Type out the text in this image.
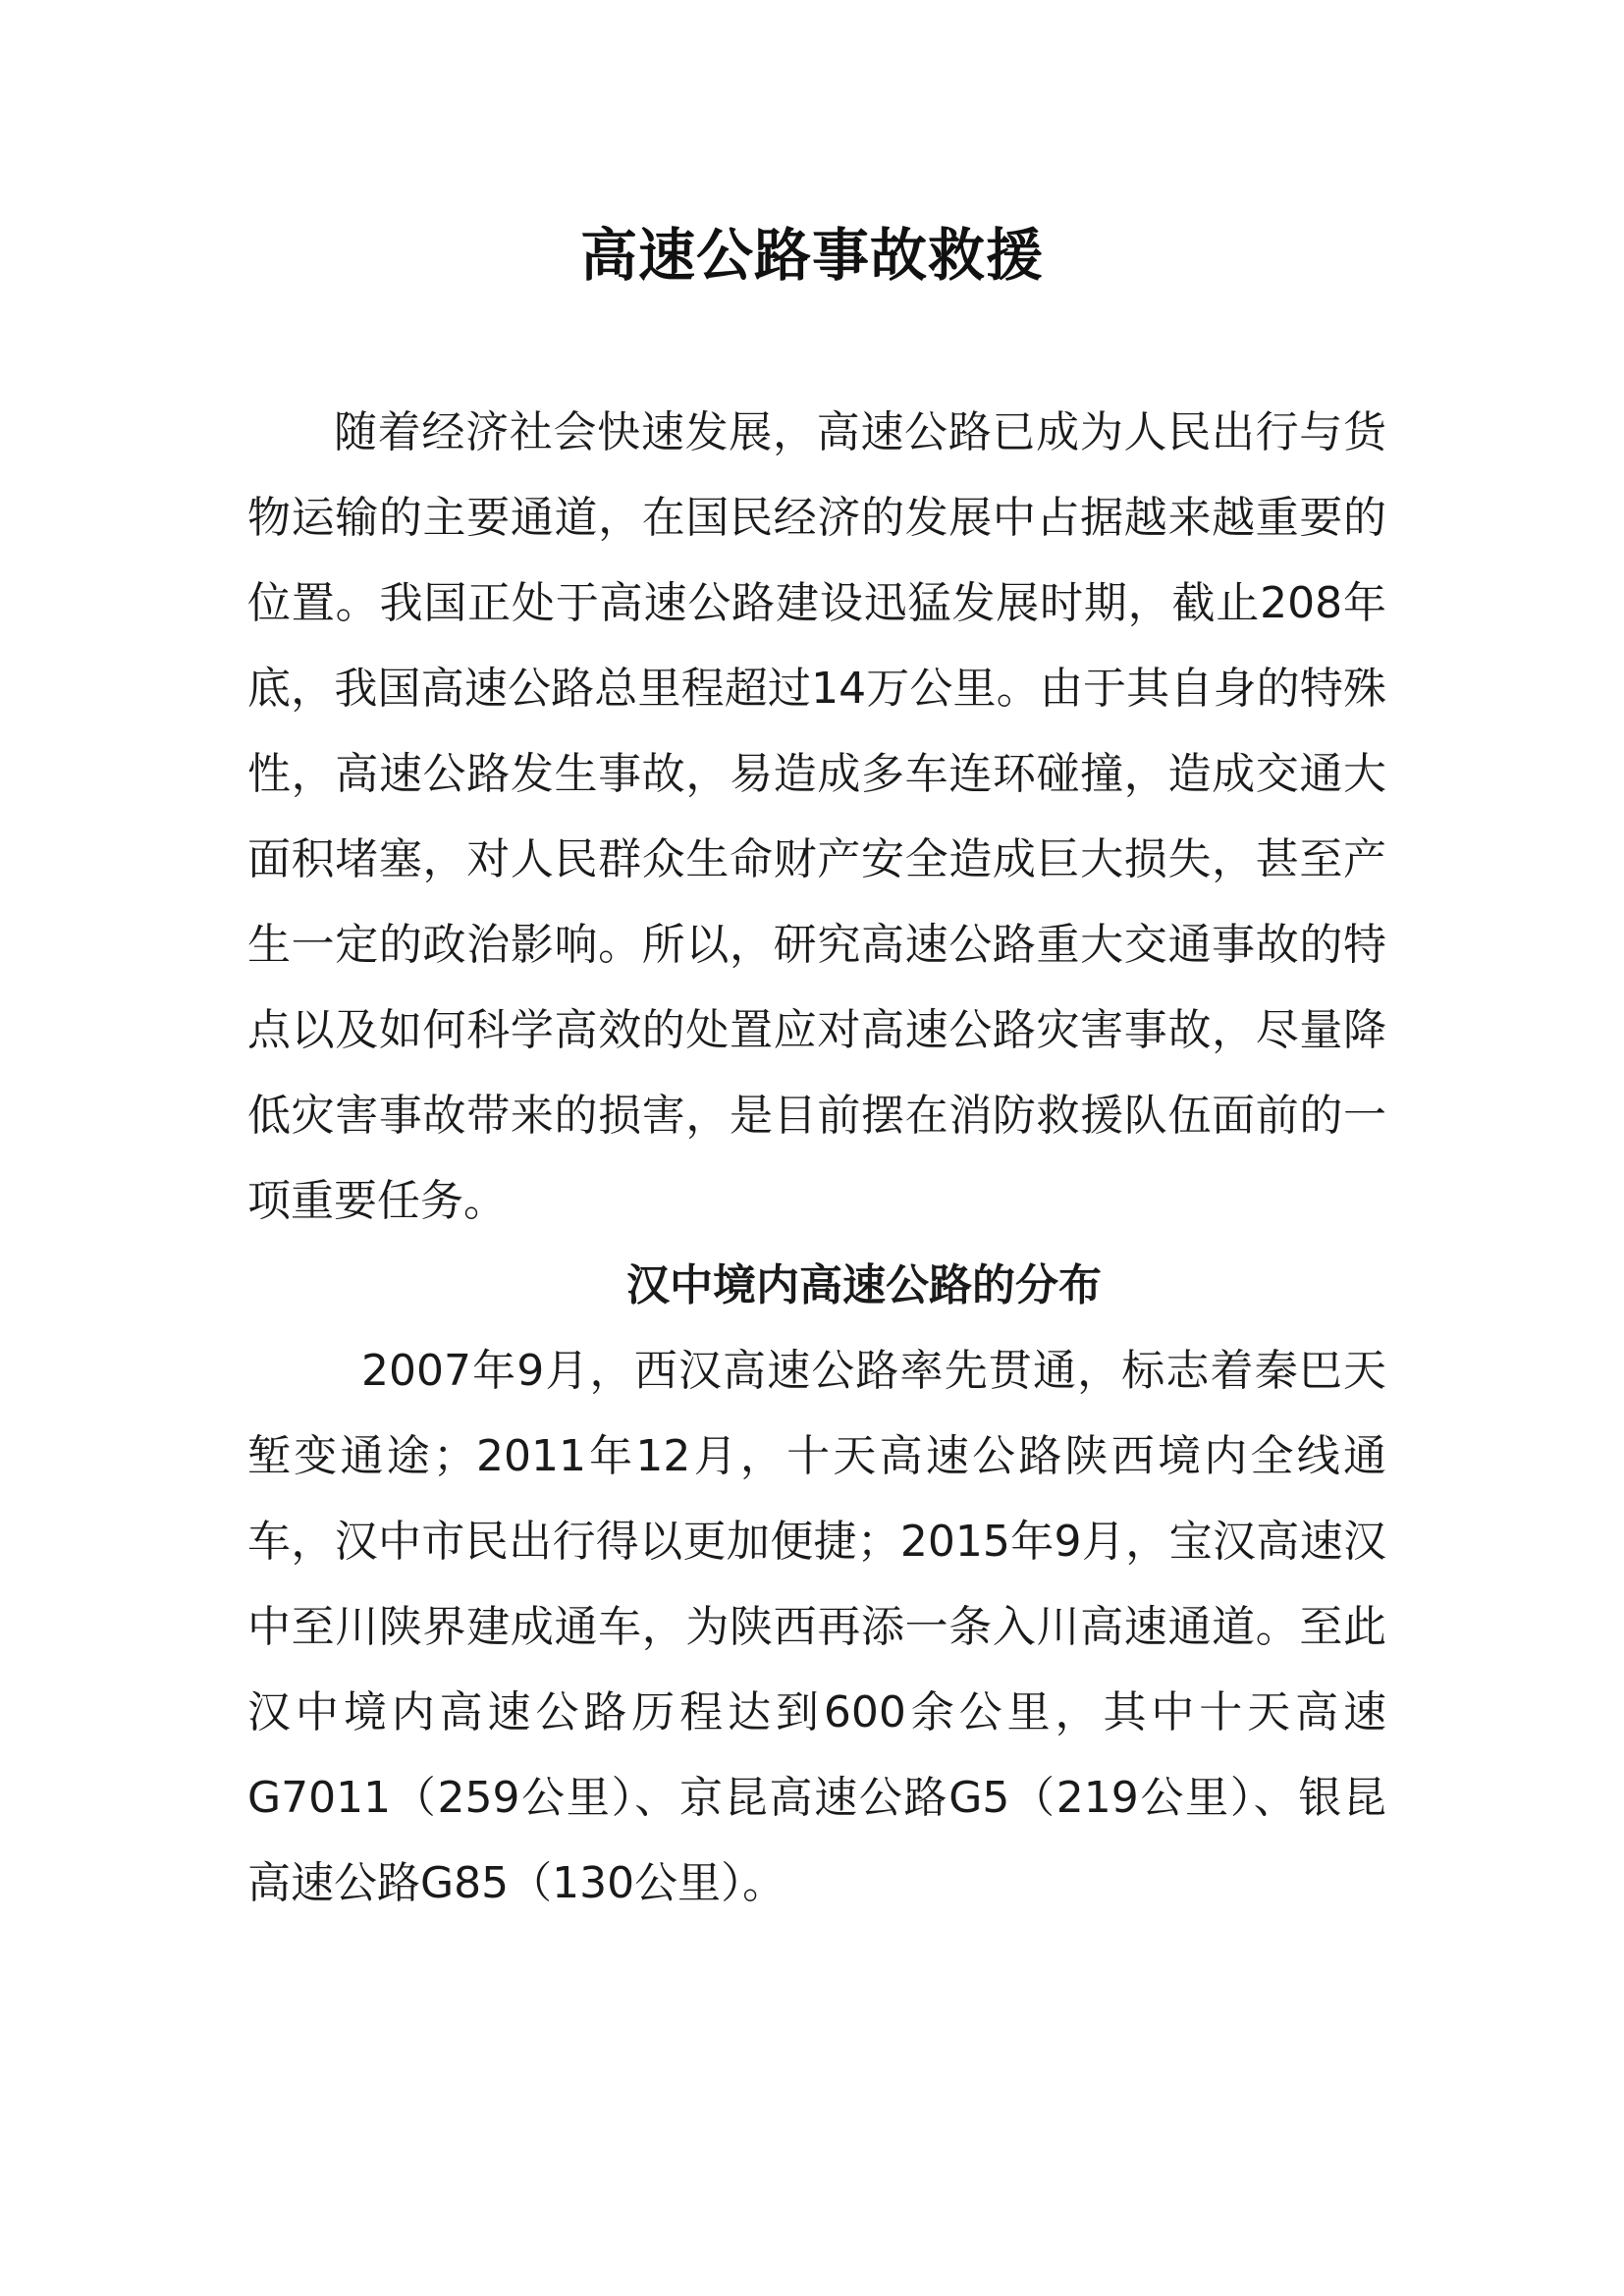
高速公路事故救援

随着经济社会快速发展，高速公路已成为人民出行与货物运输的主要通道，在国民经济的发展中占据越来越重要的位置。我国正处于高速公路建设迅猛发展时期，截止208年底，我国高速公路总里程超过14万公里。由于其自身的特殊性，高速公路发生事故，易造成多车连环碰撞，造成交通大面积堵塞，对人民群众生命财产安全造成巨大损失，甚至产生一定的政治影响。所以，研究高速公路重大交通事故的特点以及如何科学高效的处置应对高速公路灾害事故，尽量降低灾害事故带来的损害，是目前摆在消防救援队伍面前的一项重要任务。

汉中境内高速公路的分布

2007年9月，西汉高速公路率先贯通，标志着秦巴天堑变通途；2011年12月，十天高速公路陕西境内全线通车，汉中市民出行得以更加便捷；2015年9月，宝汉高速汉中至川陕界建成通车，为陕西再添一条入川高速通道。至此汉中境内高速公路历程达到600余公里，其中十天高速G7011（259公里）、京昆高速公路G5（219公里）、银昆高速公路G85（130公里）。
